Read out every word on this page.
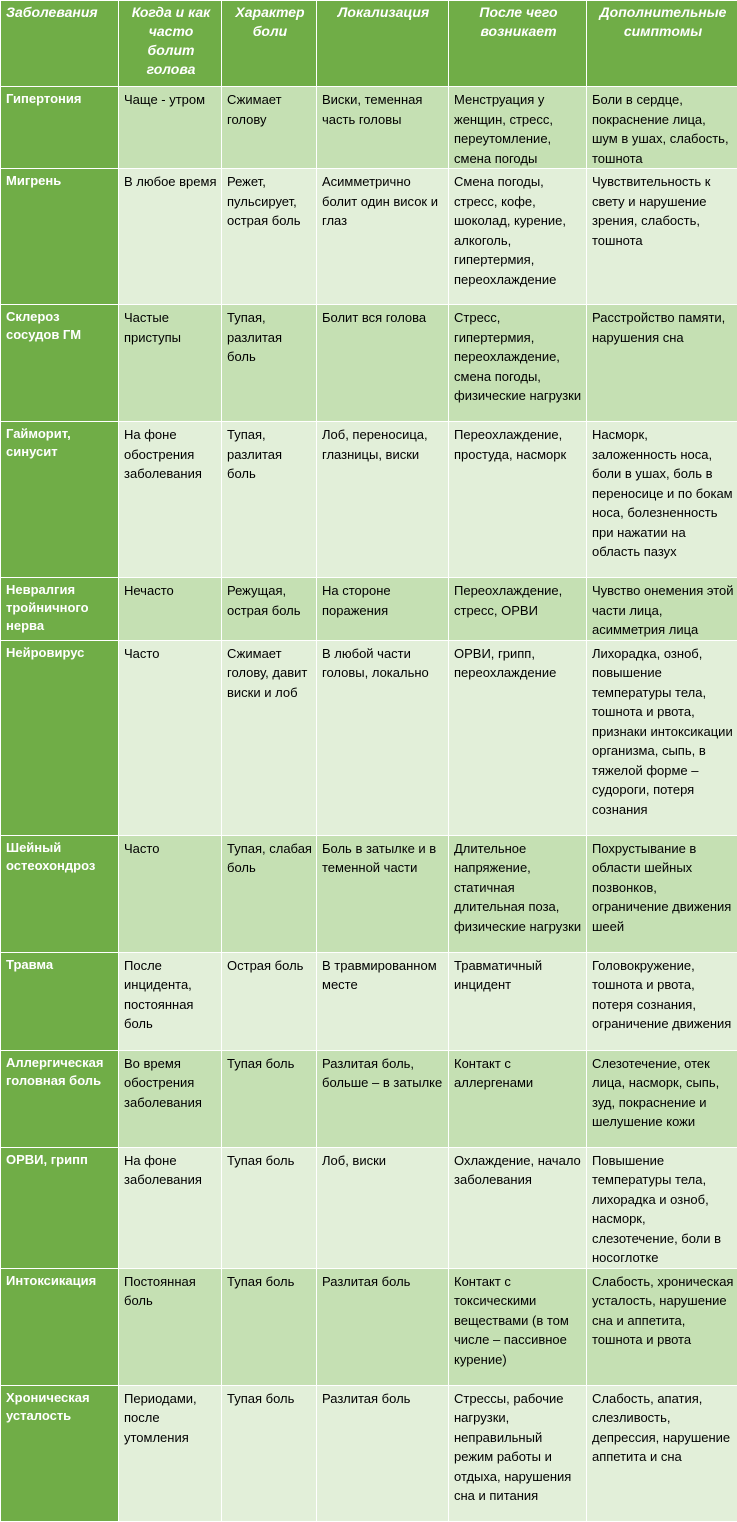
Заболевания	Когда и как часто болит голова	Характер боли	Локализация	После чего возникает	Дополнительные симптомы
Гипертония	Чаще - утром	Сжимает голову	Виски, теменная часть головы	Менструация у женщин, стресс, переутомление, смена погоды	Боли в сердце, покраснение лица, шум в ушах, слабость, тошнота
Мигрень	В любое время	Режет, пульсирует, острая боль	Асимметрично болит один висок и глаз	Смена погоды, стресс, кофе, шоколад, курение, алкоголь, гипертермия, переохлаждение	Чувствительность к свету и нарушение зрения, слабость, тошнота
Склероз сосудов ГМ	Частые приступы	Тупая, разлитая боль	Болит вся голова	Стресс, гипертермия, переохлаждение, смена погоды, физические нагрузки	Расстройство памяти, нарушения сна
Гайморит, синусит	На фоне обострения заболевания	Тупая, разлитая боль	Лоб, переносица, глазницы, виски	Переохлаждение, простуда, насморк	Насморк, заложенность носа, боли в ушах, боль в переносице и по бокам носа, болезненность при нажатии на область пазух
Невралгия тройничного нерва	Нечасто	Режущая, острая боль	На стороне поражения	Переохлаждение, стресс, ОРВИ	Чувство онемения этой части лица, асимметрия лица
Нейровирус	Часто	Сжимает голову, давит виски и лоб	В любой части головы, локально	ОРВИ, грипп, переохлаждение	Лихорадка, озноб, повышение температуры тела, тошнота и рвота, признаки интоксикации организма, сыпь, в тяжелой форме – судороги, потеря сознания
Шейный остеохондроз	Часто	Тупая, слабая боль	Боль в затылке и в теменной части	Длительное напряжение, статичная длительная поза, физические нагрузки	Похрустывание в области шейных позвонков, ограничение движения шеей
Травма	После инцидента, постоянная боль	Острая боль	В травмированном месте	Травматичный инцидент	Головокружение, тошнота и рвота, потеря сознания, ограничение движения
Аллергическая головная боль	Во время обострения заболевания	Тупая боль	Разлитая боль, больше – в затылке	Контакт с аллергенами	Слезотечение, отек лица, насморк, сыпь, зуд, покраснение и шелушение кожи
ОРВИ, грипп	На фоне заболевания	Тупая боль	Лоб, виски	Охлаждение, начало заболевания	Повышение температуры тела, лихорадка и озноб, насморк, слезотечение, боли в носоглотке
Интоксикация	Постоянная боль	Тупая боль	Разлитая боль	Контакт с токсическими веществами (в том числе – пассивное курение)	Слабость, хроническая усталость, нарушение сна и аппетита, тошнота и рвота
Хроническая усталость	Периодами, после утомления	Тупая боль	Разлитая боль	Стрессы, рабочие нагрузки, неправильный режим работы и отдыха, нарушения сна и питания	Слабость, апатия, слезливость, депрессия, нарушение аппетита и сна
